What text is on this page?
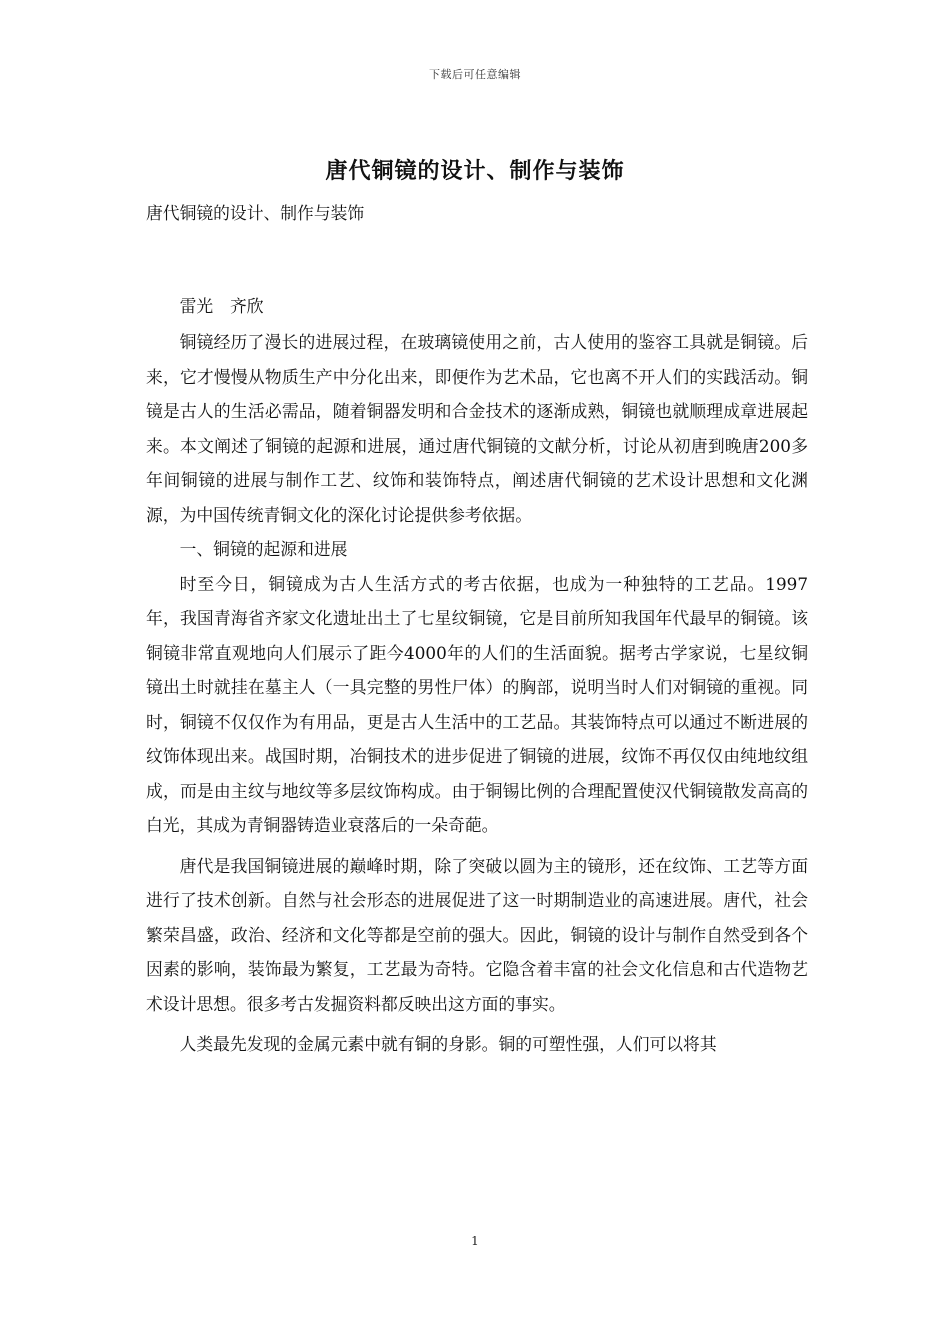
下载后可任意编辑
唐代铜镜的设计、制作与装饰

唐代铜镜的设计、制作与装饰

雷光　齐欣

铜镜经历了漫长的进展过程，在玻璃镜使用之前，古人使用的鉴容工具就是铜镜。后来，它才慢慢从物质生产中分化出来，即便作为艺术品，它也离不开人们的实践活动。铜镜是古人的生活必需品，随着铜器发明和合金技术的逐渐成熟，铜镜也就顺理成章进展起来。本文阐述了铜镜的起源和进展，通过唐代铜镜的文献分析，讨论从初唐到晚唐200多年间铜镜的进展与制作工艺、纹饰和装饰特点，阐述唐代铜镜的艺术设计思想和文化渊源，为中国传统青铜文化的深化讨论提供参考依据。

一、铜镜的起源和进展

时至今日，铜镜成为古人生活方式的考古依据，也成为一种独特的工艺品。1997年，我国青海省齐家文化遗址出土了七星纹铜镜，它是目前所知我国年代最早的铜镜。该铜镜非常直观地向人们展示了距今4000年的人们的生活面貌。据考古学家说，七星纹铜镜出土时就挂在墓主人（一具完整的男性尸体）的胸部，说明当时人们对铜镜的重视。同时，铜镜不仅仅作为有用品，更是古人生活中的工艺品。其装饰特点可以通过不断进展的纹饰体现出来。战国时期，冶铜技术的进步促进了铜镜的进展，纹饰不再仅仅由纯地纹组成，而是由主纹与地纹等多层纹饰构成。由于铜锡比例的合理配置使汉代铜镜散发高高的白光，其成为青铜器铸造业衰落后的一朵奇葩。

唐代是我国铜镜进展的巅峰时期，除了突破以圆为主的镜形，还在纹饰、工艺等方面进行了技术创新。自然与社会形态的进展促进了这一时期制造业的高速进展。唐代，社会繁荣昌盛，政治、经济和文化等都是空前的强大。因此，铜镜的设计与制作自然受到各个因素的影响，装饰最为繁复，工艺最为奇特。它隐含着丰富的社会文化信息和古代造物艺术设计思想。很多考古发掘资料都反映出这方面的事实。

人类最先发现的金属元素中就有铜的身影。铜的可塑性强，人们可以将其

1
